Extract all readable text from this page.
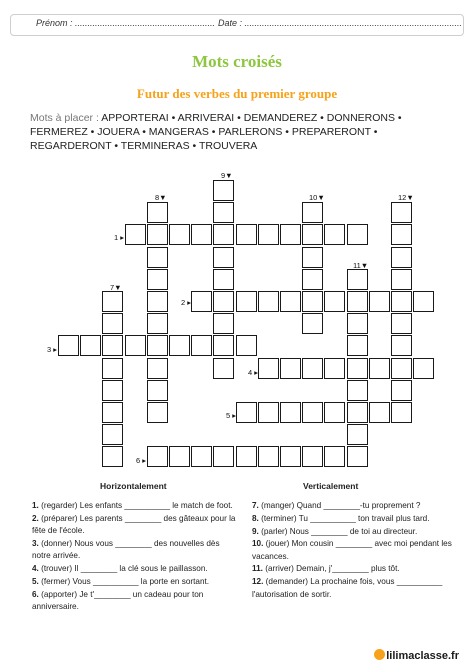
Prénom : ........................................................ Date : .......................................................................................
Mots croisés
Futur des verbes du premier groupe
Mots à placer : APPORTERAI • ARRIVERAI • DEMANDEREZ • DONNERONS • FERMEREZ • JOUERA • MANGERAS • PARLERONS • PREPARERONT • REGARDERONT • TERMINERAS • TROUVERA
1 ▸
2 ▸
3 ▸
4 ▸
5 ▸
6 ▸
7▼
8▼
9▼
10▼
11▼
12▼
Horizontalement	Verticalement
1. (regarder) Les enfants __________ le match de foot.
2. (préparer) Les parents ________ des gâteaux pour la fête de l'école.
3. (donner) Nous vous ________ des nouvelles dès notre arrivée.
4. (trouver) Il ________ la clé sous le paillasson.
5. (fermer) Vous __________ la porte en sortant.
6. (apporter) Je t'________ un cadeau pour ton anniversaire.
7. (manger) Quand ________-tu proprement ?
8. (terminer) Tu __________ ton travail plus tard.
9. (parler) Nous ________ de toi au directeur.
10. (jouer) Mon cousin ________ avec moi pendant les vacances.
11. (arriver) Demain, j'________ plus tôt.
12. (demander) La prochaine fois, vous __________ l'autorisation de sortir.
lilimaclasse.fr
